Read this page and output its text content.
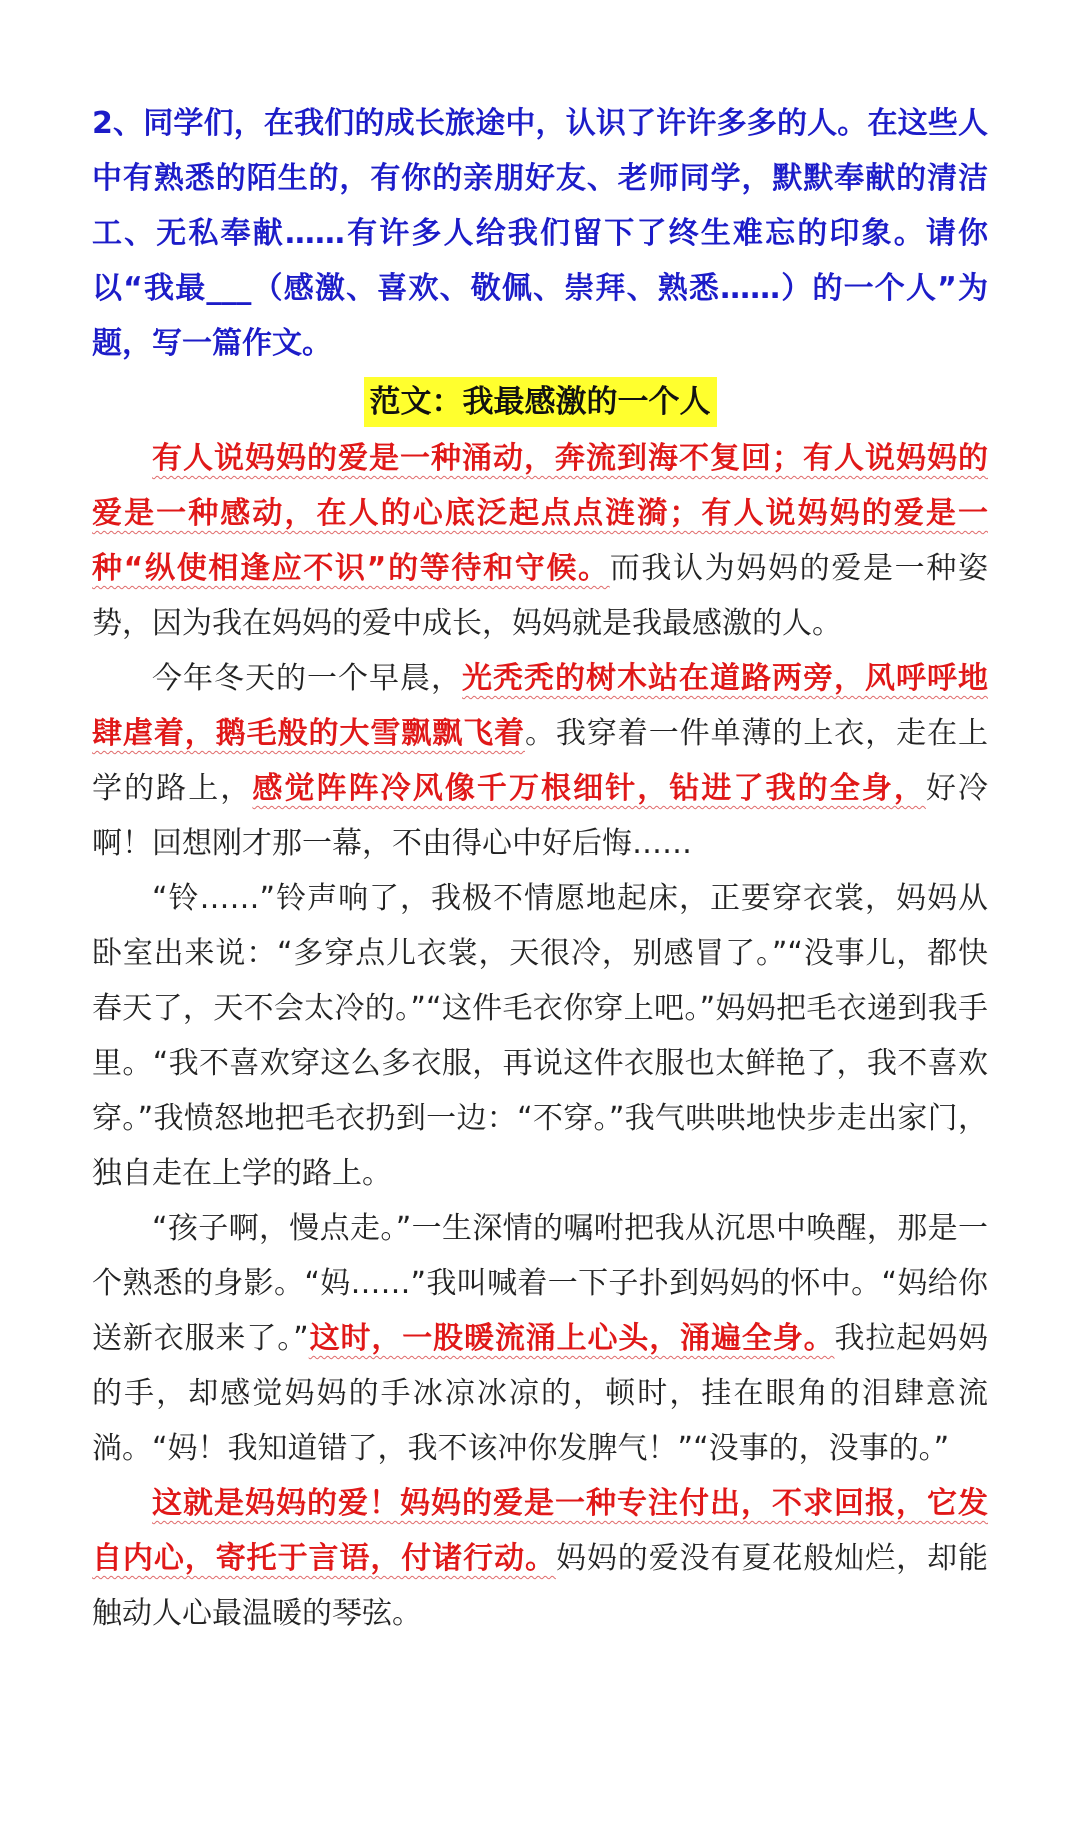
2、同学们，在我们的成长旅途中，认识了许许多多的人。在这些人中有熟悉的陌生的，有你的亲朋好友、老师同学，默默奉献的清洁工、无私奉献……有许多人给我们留下了终生难忘的印象。请你以“我最___（感激、喜欢、敬佩、崇拜、熟悉……）的一个人”为题，写一篇作文。

范文：我最感激的一个人

有人说妈妈的爱是一种涌动，奔流到海不复回；有人说妈妈的爱是一种感动，在人的心底泛起点点涟漪；有人说妈妈的爱是一种“纵使相逢应不识”的等待和守候。而我认为妈妈的爱是一种姿势，因为我在妈妈的爱中成长，妈妈就是我最感激的人。

今年冬天的一个早晨，光秃秃的树木站在道路两旁，风呼呼地肆虐着，鹅毛般的大雪飘飘飞着。我穿着一件单薄的上衣，走在上学的路上，感觉阵阵冷风像千万根细针，钻进了我的全身，好冷啊！回想刚才那一幕，不由得心中好后悔……

“铃……”铃声响了，我极不情愿地起床，正要穿衣裳，妈妈从卧室出来说：“多穿点儿衣裳，天很冷，别感冒了。”“没事儿，都快春天了，天不会太冷的。”“这件毛衣你穿上吧。”妈妈把毛衣递到我手里。“我不喜欢穿这么多衣服，再说这件衣服也太鲜艳了，我不喜欢穿。”我愤怒地把毛衣扔到一边：“不穿。”我气哄哄地快步走出家门，独自走在上学的路上。

“孩子啊，慢点走。”一生深情的嘱咐把我从沉思中唤醒，那是一个熟悉的身影。“妈……”我叫喊着一下子扑到妈妈的怀中。“妈给你送新衣服来了。”这时，一股暖流涌上心头，涌遍全身。我拉起妈妈的手，却感觉妈妈的手冰凉冰凉的，顿时，挂在眼角的泪肆意流淌。“妈！我知道错了，我不该冲你发脾气！”“没事的，没事的。”

这就是妈妈的爱！妈妈的爱是一种专注付出，不求回报，它发自内心，寄托于言语，付诸行动。妈妈的爱没有夏花般灿烂，却能触动人心最温暖的琴弦。
